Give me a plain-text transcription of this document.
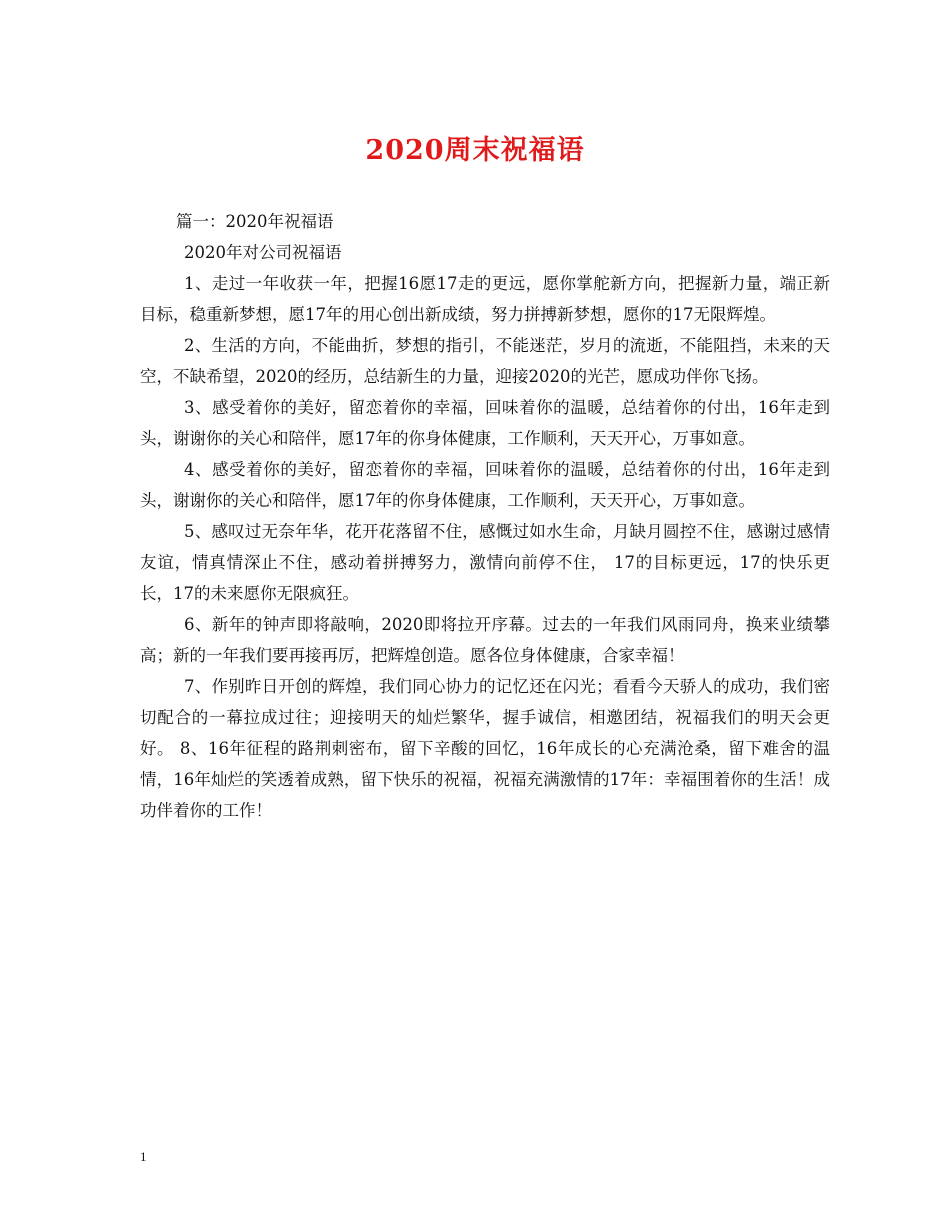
2020周末祝福语

篇一：2020年祝福语

2020年对公司祝福语

1、走过一年收获一年，把握16愿17走的更远，愿你掌舵新方向，把握新力量，端正新目标，稳重新梦想，愿17年的用心创出新成绩，努力拼搏新梦想，愿你的17无限辉煌。

2、生活的方向，不能曲折，梦想的指引，不能迷茫，岁月的流逝，不能阻挡，未来的天空，不缺希望，2020的经历，总结新生的力量，迎接2020的光芒，愿成功伴你飞扬。

3、感受着你的美好，留恋着你的幸福，回味着你的温暖，总结着你的付出，16年走到头，谢谢你的关心和陪伴，愿17年的你身体健康，工作顺利，天天开心，万事如意。

4、感受着你的美好，留恋着你的幸福，回味着你的温暖，总结着你的付出，16年走到头，谢谢你的关心和陪伴，愿17年的你身体健康，工作顺利，天天开心，万事如意。

5、感叹过无奈年华，花开花落留不住，感慨过如水生命，月缺月圆控不住，感谢过感情友谊，情真情深止不住，感动着拼搏努力，激情向前停不住， 17的目标更远，17的快乐更长，17的未来愿你无限疯狂。

6、新年的钟声即将敲响，2020即将拉开序幕。过去的一年我们风雨同舟，换来业绩攀高；新的一年我们要再接再厉，把辉煌创造。愿各位身体健康，合家幸福！

7、作别昨日开创的辉煌，我们同心协力的记忆还在闪光；看看今天骄人的成功，我们密切配合的一幕拉成过往；迎接明天的灿烂繁华，握手诚信，相邀团结，祝福我们的明天会更好。 8、16年征程的路荆刺密布，留下辛酸的回忆，16年成长的心充满沧桑，留下难舍的温情，16年灿烂的笑透着成熟，留下快乐的祝福，祝福充满激情的17年：幸福围着你的生活！成功伴着你的工作！

1
